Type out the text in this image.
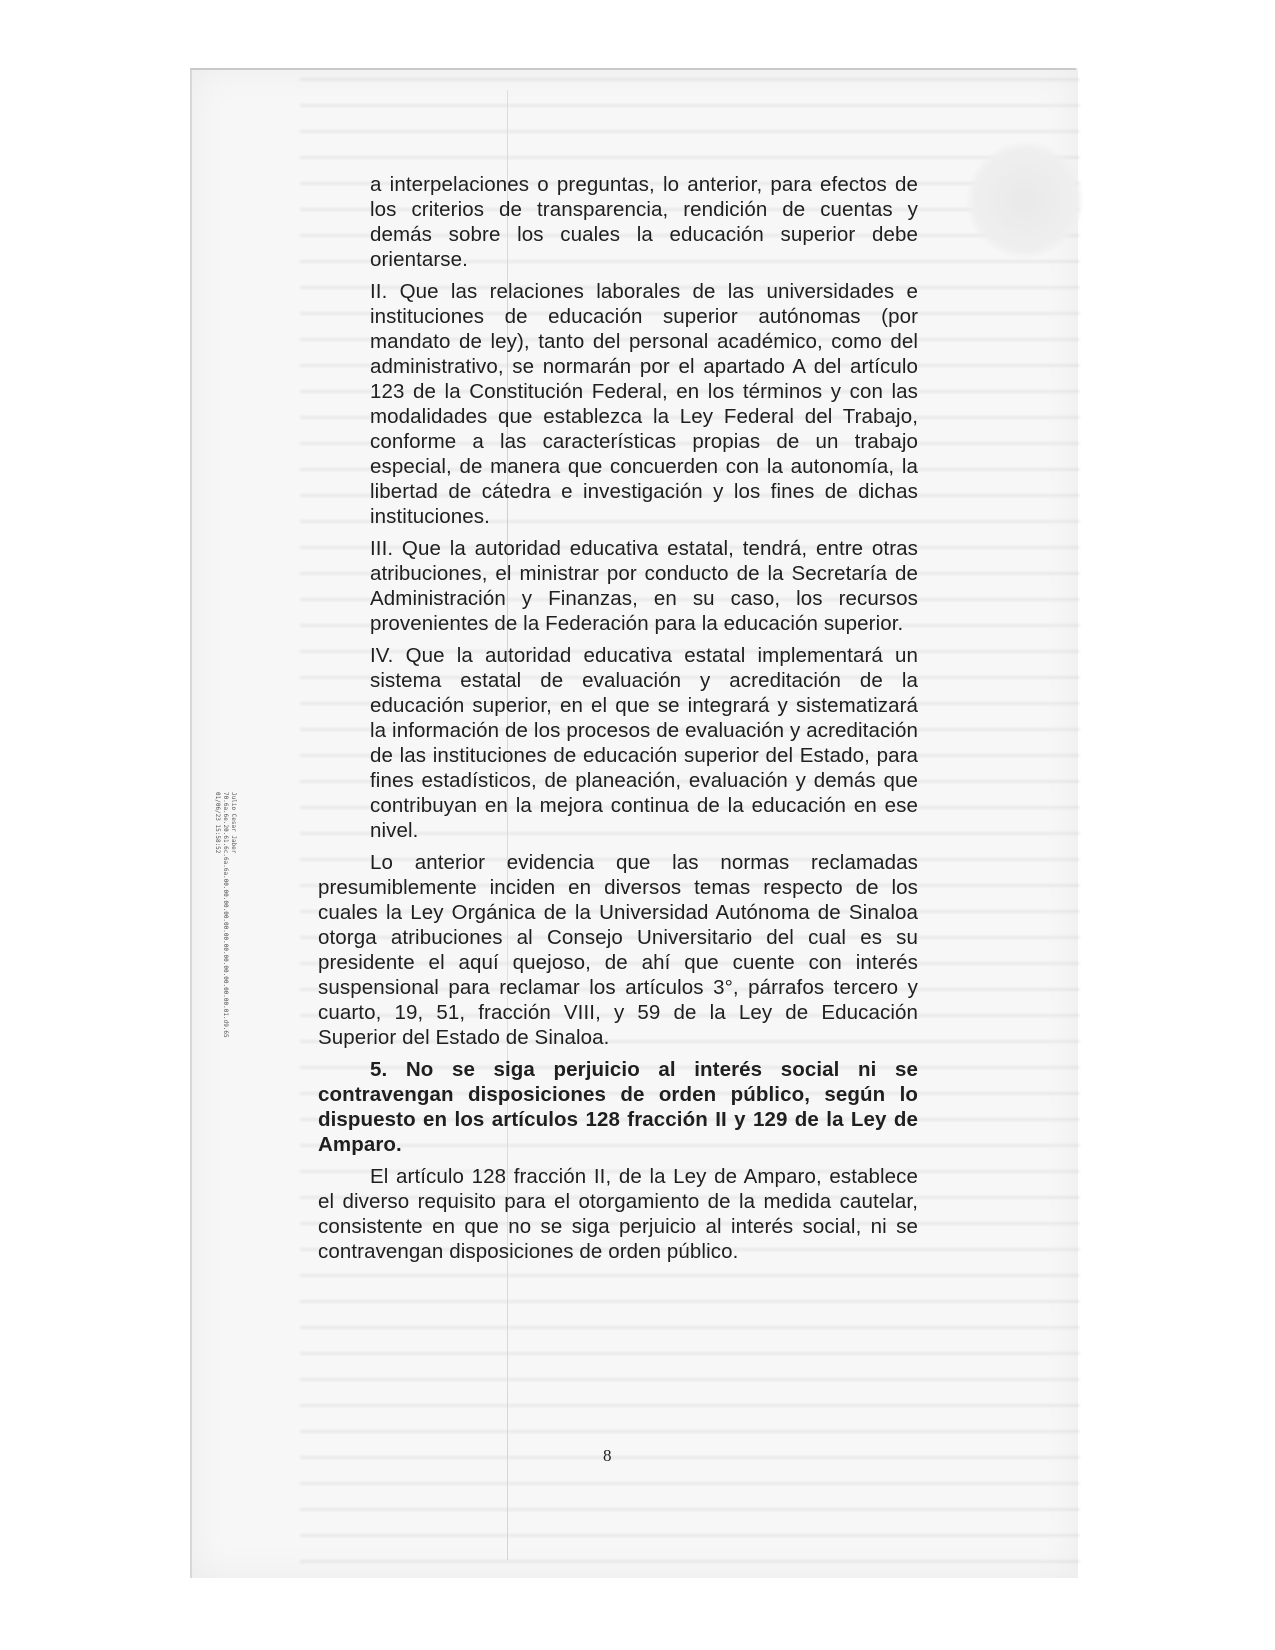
Julio Cesar Jaber
70.6a.6e.20.61.6c.6a.6a.00.00.00.00.00.00.00.00.00.00.00.00.01.d9.65
01/06/23 15:58:52

a interpelaciones o preguntas, lo anterior, para efectos de los criterios de transparencia, rendición de cuentas y demás sobre los cuales la educación superior debe orientarse.

II. Que las relaciones laborales de las universidades e instituciones de educación superior autónomas (por mandato de ley), tanto del personal académico, como del administrativo, se normarán por el apartado A del artículo 123 de la Constitución Federal, en los términos y con las modalidades que establezca la Ley Federal del Trabajo, conforme a las características propias de un trabajo especial, de manera que concuerden con la autonomía, la libertad de cátedra e investigación y los fines de dichas instituciones.

III. Que la autoridad educativa estatal, tendrá, entre otras atribuciones, el ministrar por conducto de la Secretaría de Administración y Finanzas, en su caso, los recursos provenientes de la Federación para la educación superior.

IV. Que la autoridad educativa estatal implementará un sistema estatal de evaluación y acreditación de la educación superior, en el que se integrará y sistematizará la información de los procesos de evaluación y acreditación de las instituciones de educación superior del Estado, para fines estadísticos, de planeación, evaluación y demás que contribuyan en la mejora continua de la educación en ese nivel.

Lo anterior evidencia que las normas reclamadas presumiblemente inciden en diversos temas respecto de los cuales la Ley Orgánica de la Universidad Autónoma de Sinaloa otorga atribuciones al Consejo Universitario del cual es su presidente el aquí quejoso, de ahí que cuente con interés suspensional para reclamar los artículos 3°, párrafos tercero y cuarto, 19, 51, fracción VIII, y 59 de la Ley de Educación Superior del Estado de Sinaloa.

5. No se siga perjuicio al interés social ni se contravengan disposiciones de orden público, según lo dispuesto en los artículos 128 fracción II y 129 de la Ley de Amparo.

El artículo 128 fracción II, de la Ley de Amparo, establece el diverso requisito para el otorgamiento de la medida cautelar, consistente en que no se siga perjuicio al interés social, ni se contravengan disposiciones de orden público.

8
